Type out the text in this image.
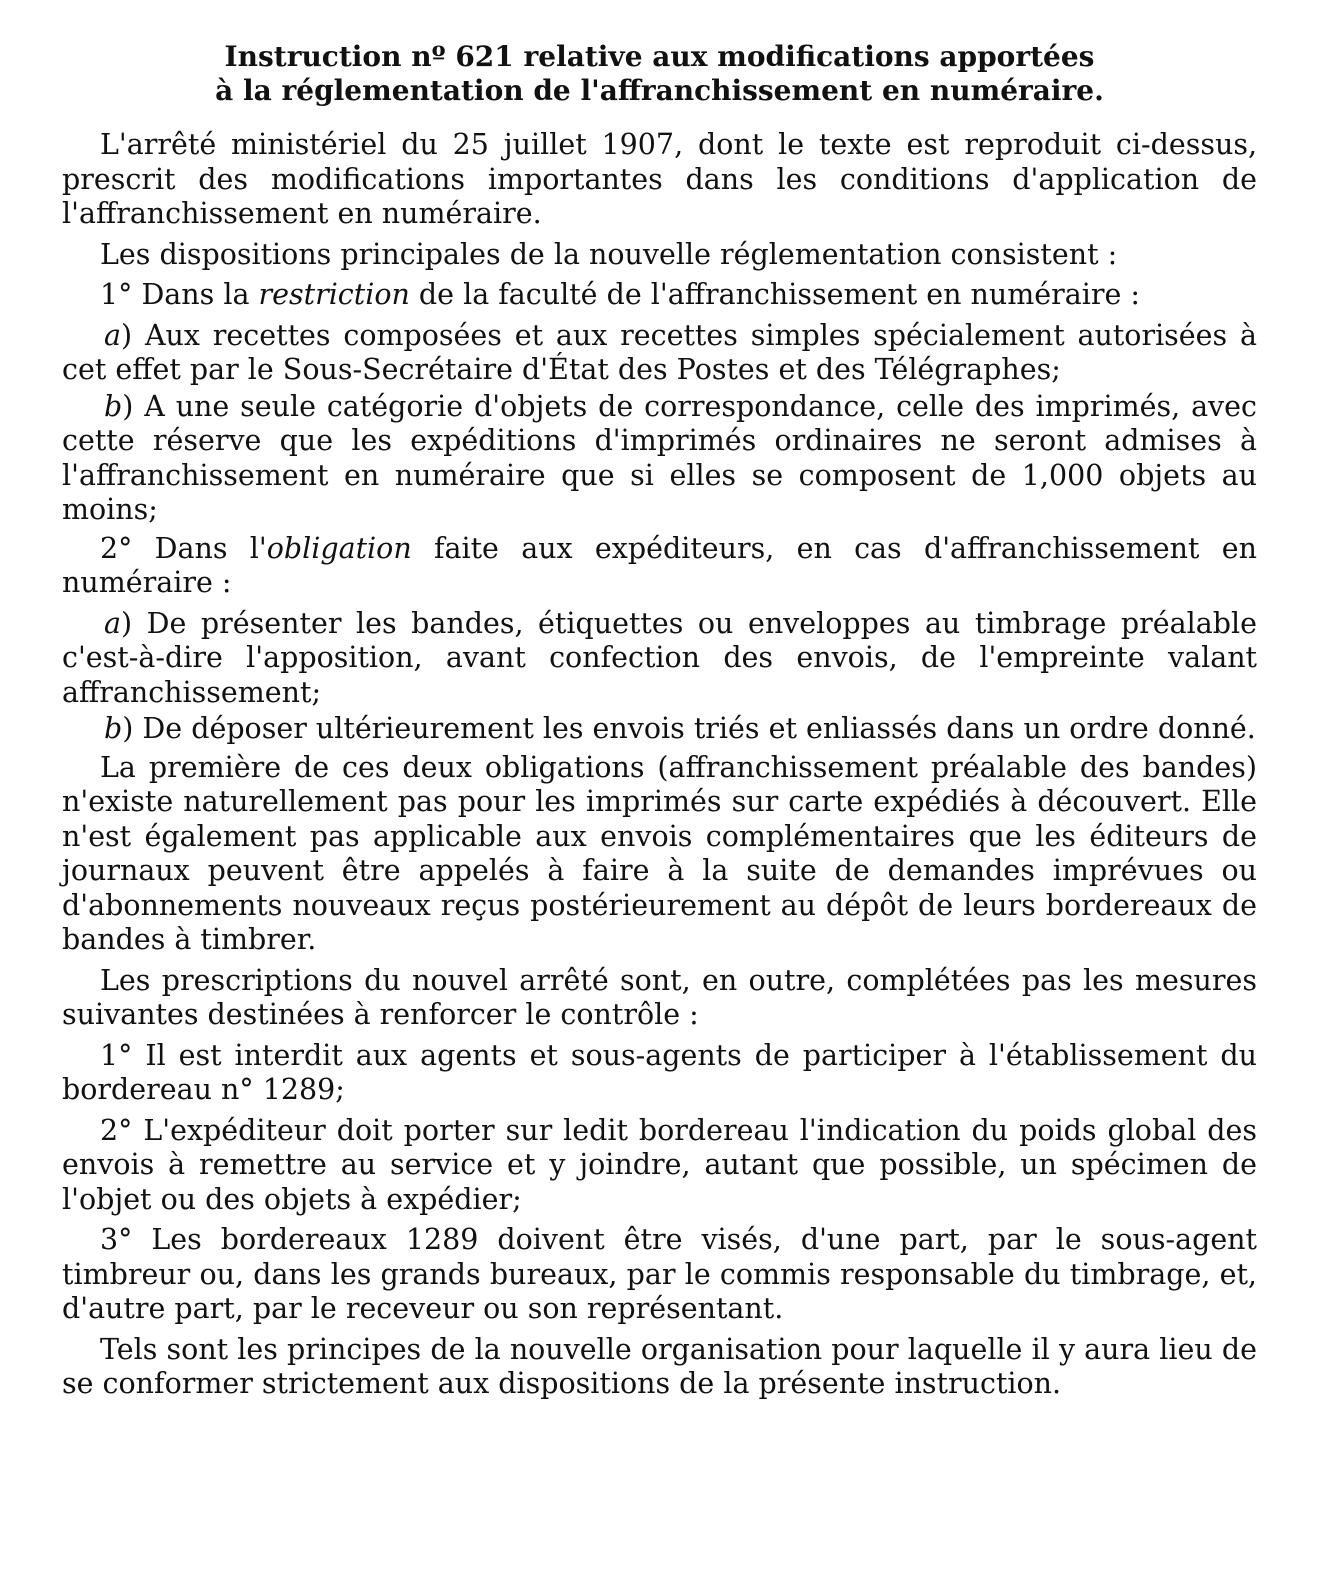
Instruction nº 621 relative aux modifications apportées
à la réglementation de l'affranchissement en numéraire.

L'arrêté ministériel du 25 juillet 1907, dont le texte est reproduit ci-dessus, prescrit des modifications importantes dans les conditions d'application de l'affranchissement en numéraire.

Les dispositions principales de la nouvelle réglementation consistent :

1° Dans la restriction de la faculté de l'affranchissement en numéraire :

a) Aux recettes composées et aux recettes simples spécialement autorisées à cet effet par le Sous-Secrétaire d'État des Postes et des Télégraphes;

b) A une seule catégorie d'objets de correspondance, celle des imprimés, avec cette réserve que les expéditions d'imprimés ordinaires ne seront admises à l'affranchissement en numéraire que si elles se composent de 1,000 objets au moins;

2° Dans l'obligation faite aux expéditeurs, en cas d'affranchissement en numéraire :

a) De présenter les bandes, étiquettes ou enveloppes au timbrage préalable c'est-à-dire l'apposition, avant confection des envois, de l'empreinte valant affranchissement;

b) De déposer ultérieurement les envois triés et enliassés dans un ordre donné.

La première de ces deux obligations (affranchissement préalable des bandes) n'existe naturellement pas pour les imprimés sur carte expédiés à découvert. Elle n'est également pas applicable aux envois complémentaires que les éditeurs de journaux peuvent être appelés à faire à la suite de demandes imprévues ou d'abonnements nouveaux reçus postérieurement au dépôt de leurs bordereaux de bandes à timbrer.

Les prescriptions du nouvel arrêté sont, en outre, complétées pas les mesures suivantes destinées à renforcer le contrôle :

1° Il est interdit aux agents et sous-agents de participer à l'établissement du bordereau n° 1289;

2° L'expéditeur doit porter sur ledit bordereau l'indication du poids global des envois à remettre au service et y joindre, autant que possible, un spécimen de l'objet ou des objets à expédier;

3° Les bordereaux 1289 doivent être visés, d'une part, par le sous-agent timbreur ou, dans les grands bureaux, par le commis responsable du timbrage, et, d'autre part, par le receveur ou son représentant.

Tels sont les principes de la nouvelle organisation pour laquelle il y aura lieu de se conformer strictement aux dispositions de la présente instruction.
